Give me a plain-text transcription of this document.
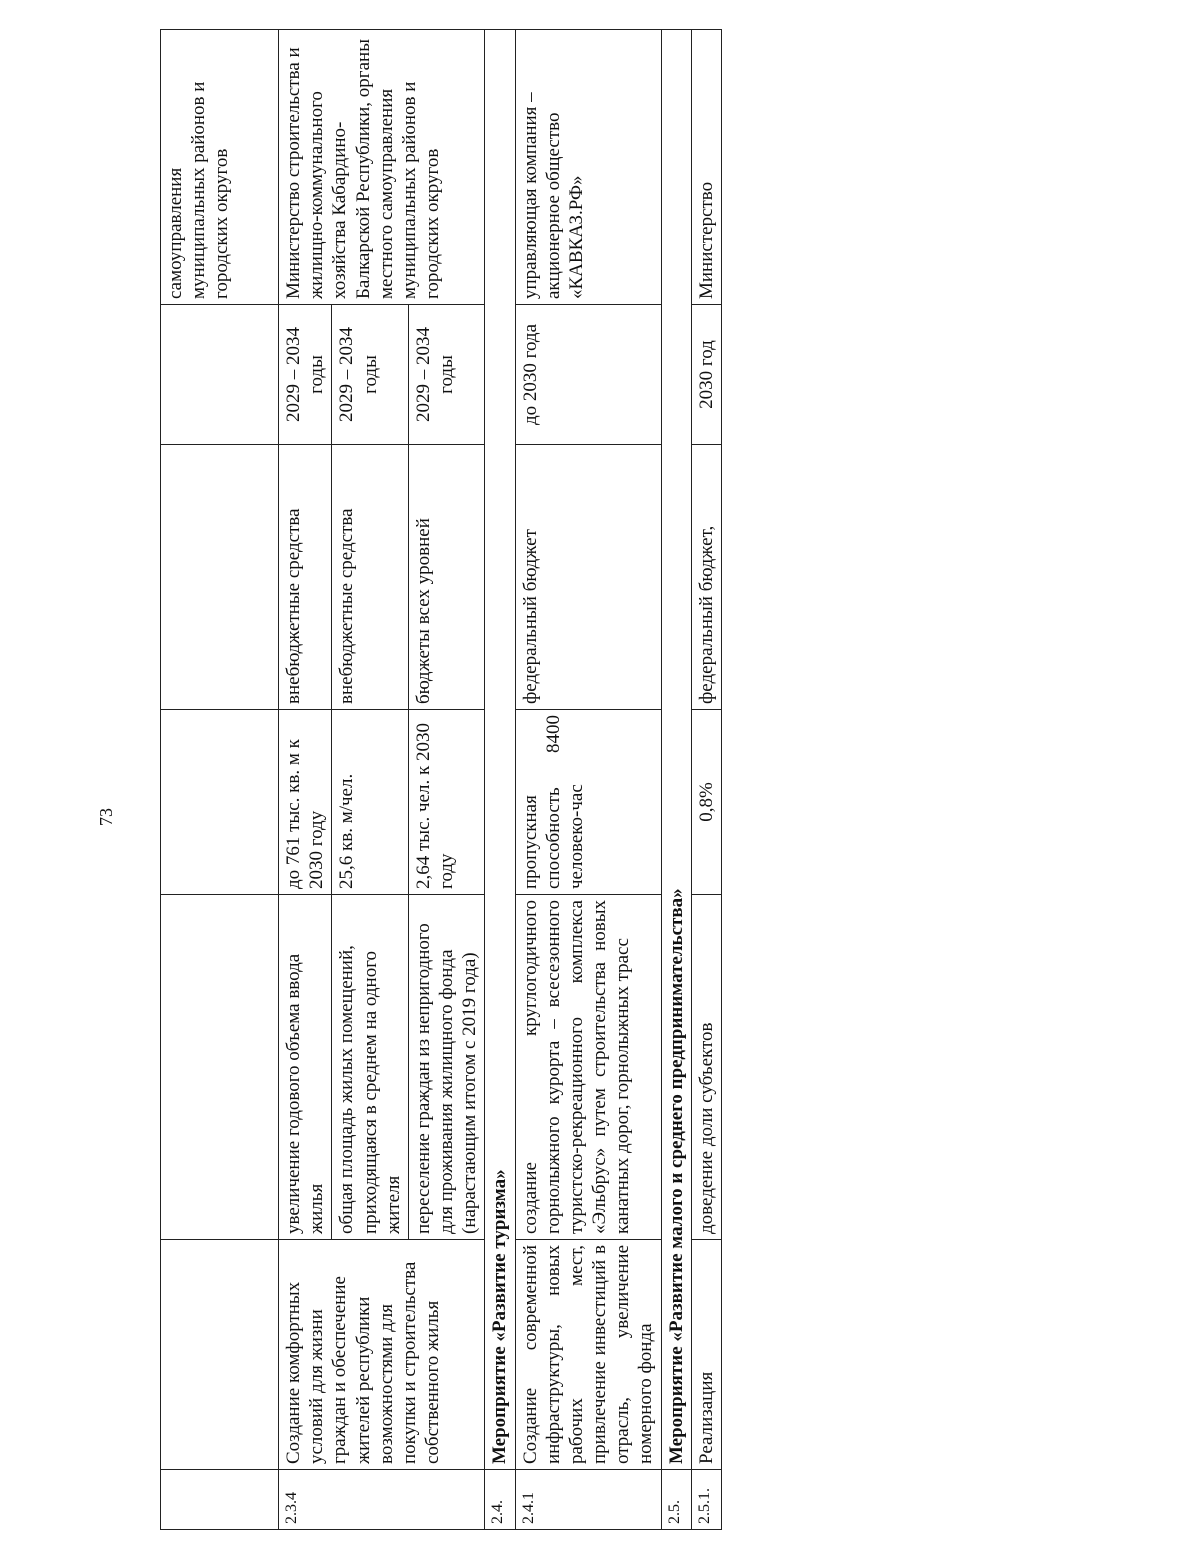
73
						самоуправления муниципальных районов и городских округов
2.3.4	Создание комфортных условий для жизни граждан и обеспечение жителей республики возможностями для покупки и строительства собственного жилья	увеличение годового объема ввода жилья	до 761 тыс. кв. м к 2030 году	внебюджетные средства	2029 – 2034 годы	Министерство строительства и жилищно-коммунального хозяйства Кабардино-Балкарской Республики, органы местного самоуправления муниципальных районов и городских округов
		общая площадь жилых помещений, приходящаяся в среднем на одного жителя	25,6 кв. м/чел.	внебюджетные средства	2029 – 2034 годы	
		переселение граждан из непригодного для проживания жилищного фонда (нарастающим итогом с 2019 года)	2,64 тыс. чел. к 2030 году	бюджеты всех уровней	2029 – 2034 годы	
2.4.	Мероприятие «Развитие туризма»					
2.4.1	Создание современной инфраструктуры, новых рабочих мест, привлечение инвестиций в отрасль, увеличение номерного фонда	создание круглогодичного горнолыжного курорта – всесезонного туристско-рекреационного комплекса «Эльбрус» путем строительства новых канатных дорог, горнолыжных трасс	пропускная способность 8400 человеко-час	федеральный бюджет	до 2030 года	управляющая компания – акционерное общество «КАВКАЗ.РФ»
2.5.	Мероприятие «Развитие малого и среднего предпринимательства»					
2.5.1.	Реализация	доведение доли субъектов	0,8%	федеральный бюджет,	2030 год	Министерство
